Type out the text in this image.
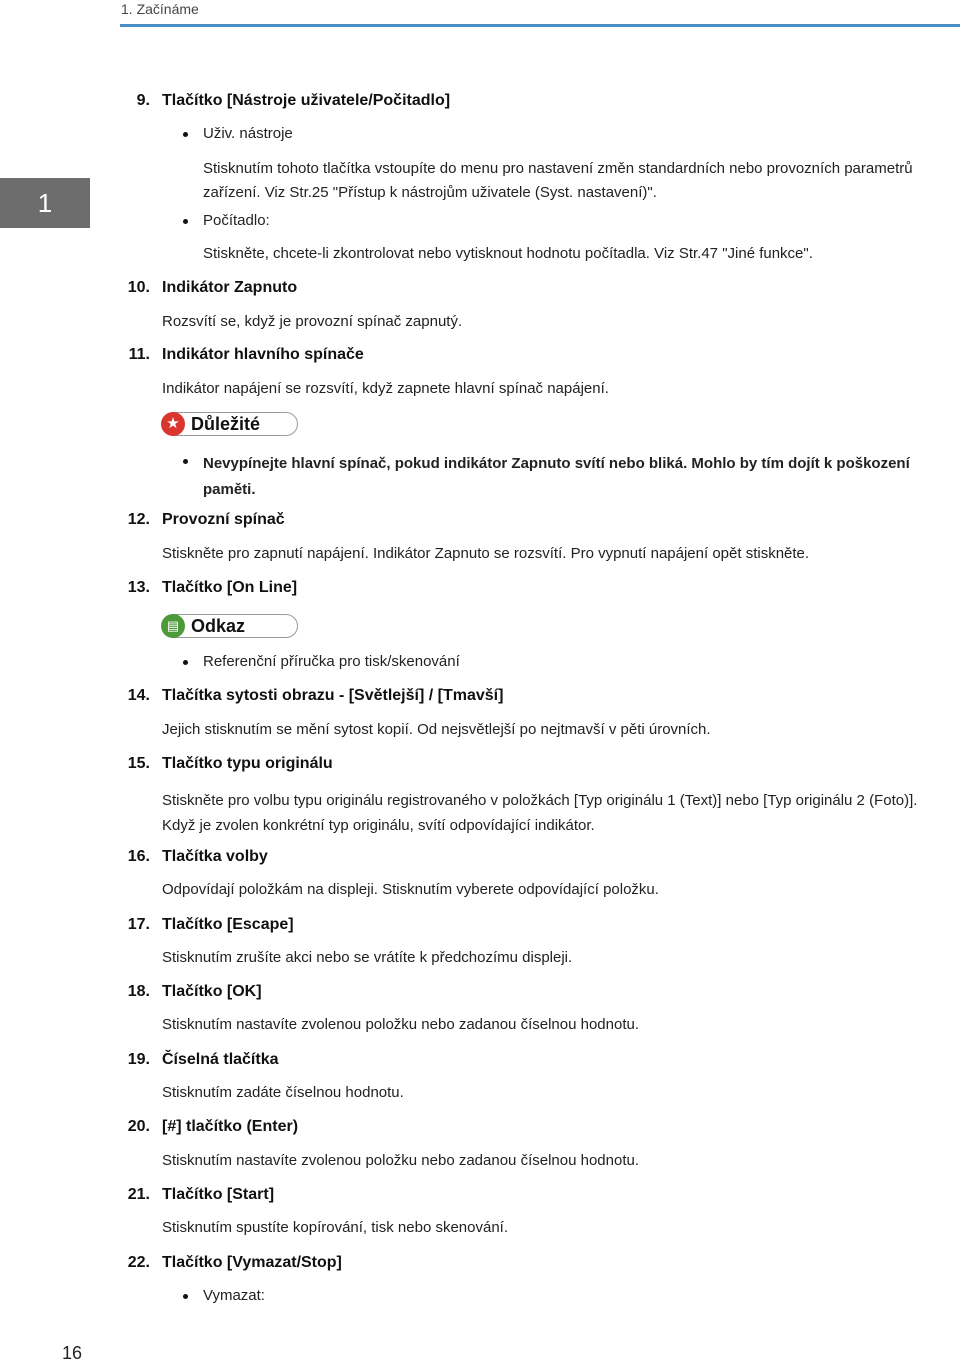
1. Začínáme
1
9. Tlačítko [Nástroje uživatele/Počitadlo]
Uživ. nástroje
Stisknutím tohoto tlačítka vstoupíte do menu pro nastavení změn standardních nebo provozních parametrů zařízení. Viz Str.25 "Přístup k nástrojům uživatele (Syst. nastavení)".
Počítadlo:
Stiskněte, chcete-li zkontrolovat nebo vytisknout hodnotu počítadla. Viz Str.47 "Jiné funkce".
10. Indikátor Zapnuto
Rozsvítí se, když je provozní spínač zapnutý.
11. Indikátor hlavního spínače
Indikátor napájení se rozsvítí, když zapnete hlavní spínač napájení.
★ Důležité
Nevypínejte hlavní spínač, pokud indikátor Zapnuto svítí nebo bliká. Mohlo by tím dojít k poškození paměti.
12. Provozní spínač
Stiskněte pro zapnutí napájení. Indikátor Zapnuto se rozsvítí. Pro vypnutí napájení opět stiskněte.
13. Tlačítko [On Line]
▤ Odkaz
Referenční příručka pro tisk/skenování
14. Tlačítka sytosti obrazu - [Světlejší] / [Tmavší]
Jejich stisknutím se mění sytost kopií. Od nejsvětlejší po nejtmavší v pěti úrovních.
15. Tlačítko typu originálu
Stiskněte pro volbu typu originálu registrovaného v položkách [Typ originálu 1 (Text)] nebo [Typ originálu 2 (Foto)]. Když je zvolen konkrétní typ originálu, svítí odpovídající indikátor.
16. Tlačítka volby
Odpovídají položkám na displeji. Stisknutím vyberete odpovídající položku.
17. Tlačítko [Escape]
Stisknutím zrušíte akci nebo se vrátíte k předchozímu displeji.
18. Tlačítko [OK]
Stisknutím nastavíte zvolenou položku nebo zadanou číselnou hodnotu.
19. Číselná tlačítka
Stisknutím zadáte číselnou hodnotu.
20. [#] tlačítko (Enter)
Stisknutím nastavíte zvolenou položku nebo zadanou číselnou hodnotu.
21. Tlačítko [Start]
Stisknutím spustíte kopírování, tisk nebo skenování.
22. Tlačítko [Vymazat/Stop]
Vymazat:
16
